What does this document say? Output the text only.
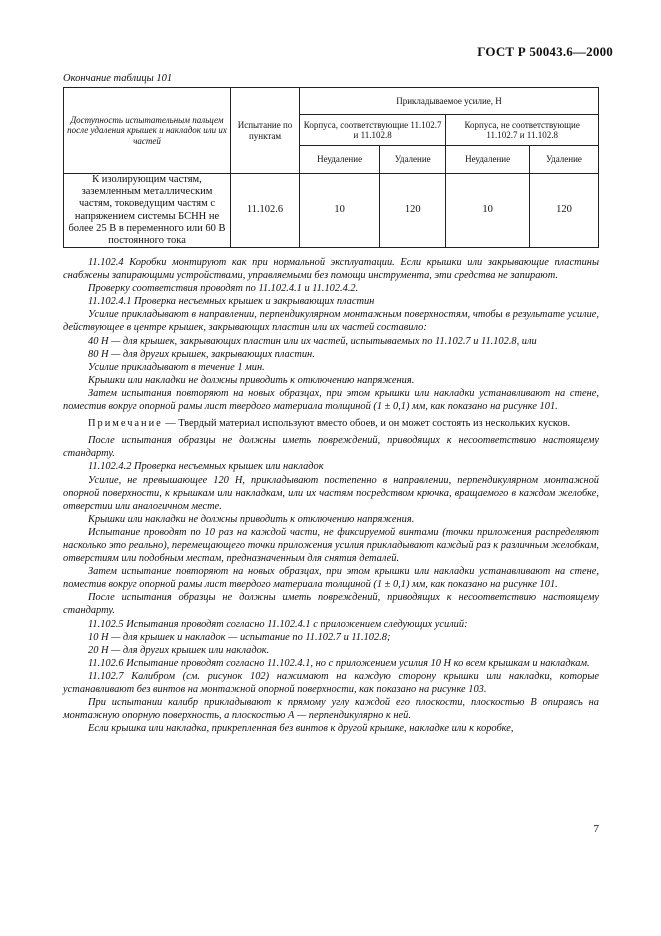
ГОСТ Р 50043.6—2000
Окончание таблицы 101
Доступность испытательным пальцем после удаления крышек и накладок или их частей	Испытание по пунктам	Прикладываемое усилие, Н			
		Корпуса, соответствующие 11.102.7 и 11.102.8		Корпуса, не соответствующие 11.102.7 и 11.102.8	
		Неудаление	Удаление	Неудаление	Удаление
К изолирующим частям, заземленным металлическим частям, токоведущим частям с напряжением системы БСНН не более 25 В в переменного или 60 В постоянного тока	11.102.6	10	120	10	120

11.102.4 Коробки монтируют как при нормальной эксплуатации. Если крышки или закрывающие пластины снабжены запирающими устройствами, управляемыми без помощи инструмента, эти средства не запирают.

Проверку соответствия проводят по 11.102.4.1 и 11.102.4.2.

11.102.4.1 Проверка несъемных крышек и закрывающих пластин

Усилие прикладывают в направлении, перпендикулярном монтажным поверхностям, чтобы в результате усилие, действующее в центре крышек, закрывающих пластин или их частей составило:

40 Н — для крышек, закрывающих пластин или их частей, испытываемых по 11.102.7 и 11.102.8, или

80 Н — для других крышек, закрывающих пластин.

Усилие прикладывают в течение 1 мин.

Крышки или накладки не должны приводить к отключению напряжения.

Затем испытания повторяют на новых образцах, при этом крышки или накладки устанавливают на стене, поместив вокруг опорной рамы лист твердого материала толщиной (1 ± 0,1) мм, как показано на рисунке 101.

Примечание — Твердый материал используют вместо обоев, и он может состоять из нескольких кусков.

После испытания образцы не должны иметь повреждений, приводящих к несоответствию настоящему стандарту.

11.102.4.2 Проверка несъемных крышек или накладок

Усилие, не превышающее 120 Н, прикладывают постепенно в направлении, перпендикулярном монтажной опорной поверхности, к крышкам или накладкам, или их частям посредством крючка, вращаемого в каждом желобке, отверстии или аналогичном месте.

Крышки или накладки не должны приводить к отключению напряжения.

Испытание проводят по 10 раз на каждой части, не фиксируемой винтами (точки приложения распределяют насколько это реально), перемещающего точки приложения усилия прикладывают каждый раз к различным желобкам, отверстиям или подобным местам, предназначенным для снятия деталей.

Затем испытание повторяют на новых образцах, при этом крышки или накладки устанавливают на стене, поместив вокруг опорной рамы лист твердого материала толщиной (1 ± 0,1) мм, как показано на рисунке 101.

После испытания образцы не должны иметь повреждений, приводящих к несоответствию настоящему стандарту.

11.102.5 Испытания проводят согласно 11.102.4.1 с приложением следующих усилий:

10 Н — для крышек и накладок — испытание по 11.102.7 и 11.102.8;

20 Н — для других крышек или накладок.

11.102.6 Испытание проводят согласно 11.102.4.1, но с приложением усилия 10 Н ко всем крышкам и накладкам.

11.102.7 Калибром (см. рисунок 102) нажимают на каждую сторону крышки или накладки, которые устанавливают без винтов на монтажной опорной поверхности, как показано на рисунке 103.

При испытании калибр прикладывают к прямому углу каждой его плоскости, плоскостью В опираясь на монтажную опорную поверхность, а плоскостью А — перпендикулярно к ней.

Если крышка или накладка, прикрепленная без винтов к другой крышке, накладке или к коробке,

7
